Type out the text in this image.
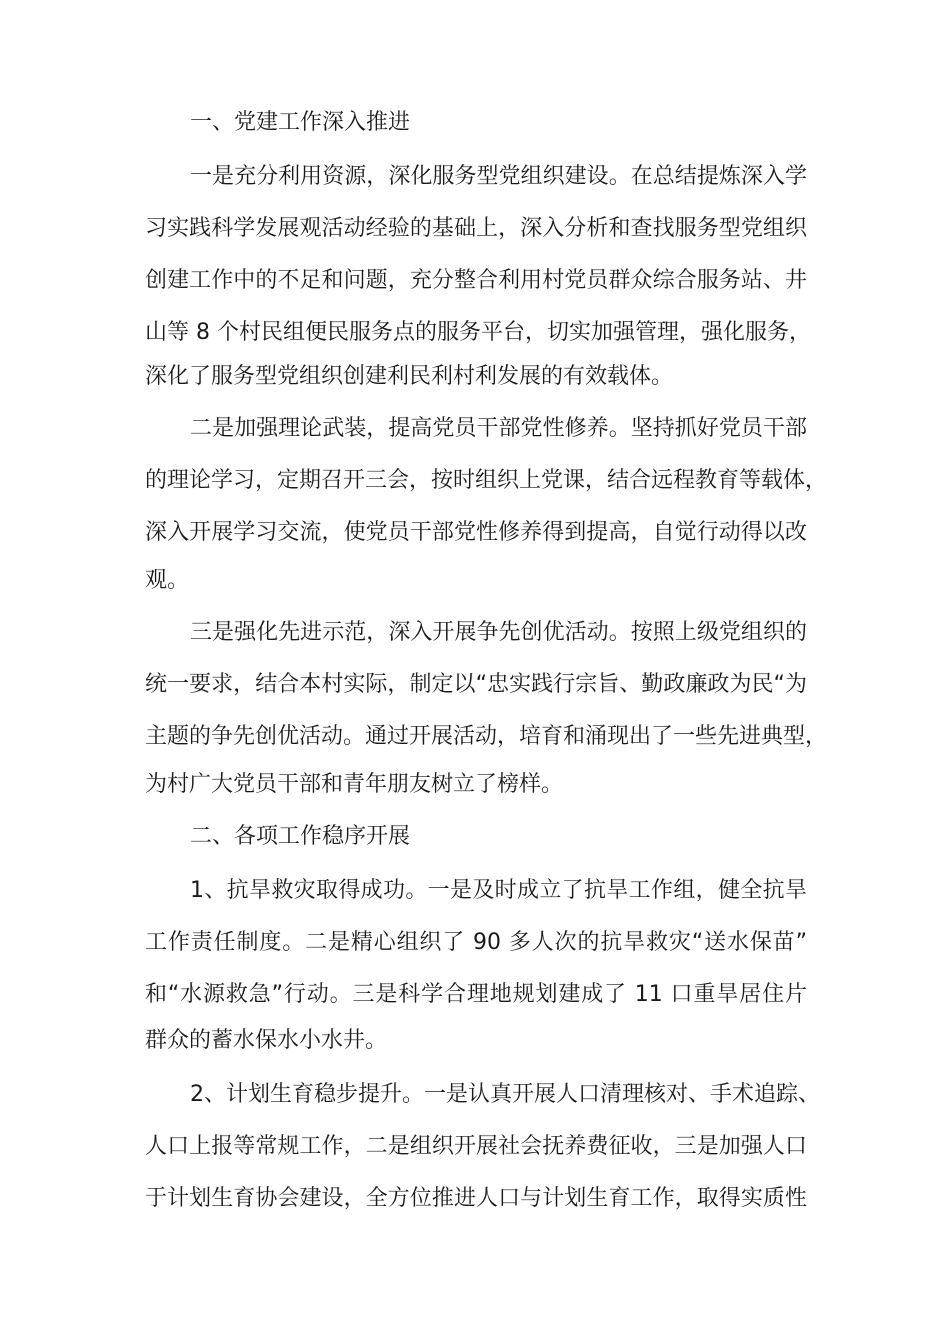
一、党建工作深入推进
一是充分利用资源，深化服务型党组织建设。在总结提炼深入学
习实践科学发展观活动经验的基础上，深入分析和查找服务型党组织
创建工作中的不足和问题，充分整合利用村党员群众综合服务站、井
山等 8 个村民组便民服务点的服务平台，切实加强管理，强化服务，
深化了服务型党组织创建利民利村利发展的有效载体。
二是加强理论武装，提高党员干部党性修养。坚持抓好党员干部
的理论学习，定期召开三会，按时组织上党课，结合远程教育等载体，
深入开展学习交流，使党员干部党性修养得到提高，自觉行动得以改
观。
三是强化先进示范，深入开展争先创优活动。按照上级党组织的
统一要求，结合本村实际，制定以“忠实践行宗旨、勤政廉政为民“为
主题的争先创优活动。通过开展活动，培育和涌现出了一些先进典型，
为村广大党员干部和青年朋友树立了榜样。
二、各项工作稳序开展
1、抗旱救灾取得成功。一是及时成立了抗旱工作组，健全抗旱
工作责任制度。二是精心组织了 90 多人次的抗旱救灾“送水保苗”
和“水源救急”行动。三是科学合理地规划建成了 11 口重旱居住片
群众的蓄水保水小水井。
2、计划生育稳步提升。一是认真开展人口清理核对、手术追踪、
人口上报等常规工作，二是组织开展社会抚养费征收，三是加强人口
于计划生育协会建设，全方位推进人口与计划生育工作，取得实质性
